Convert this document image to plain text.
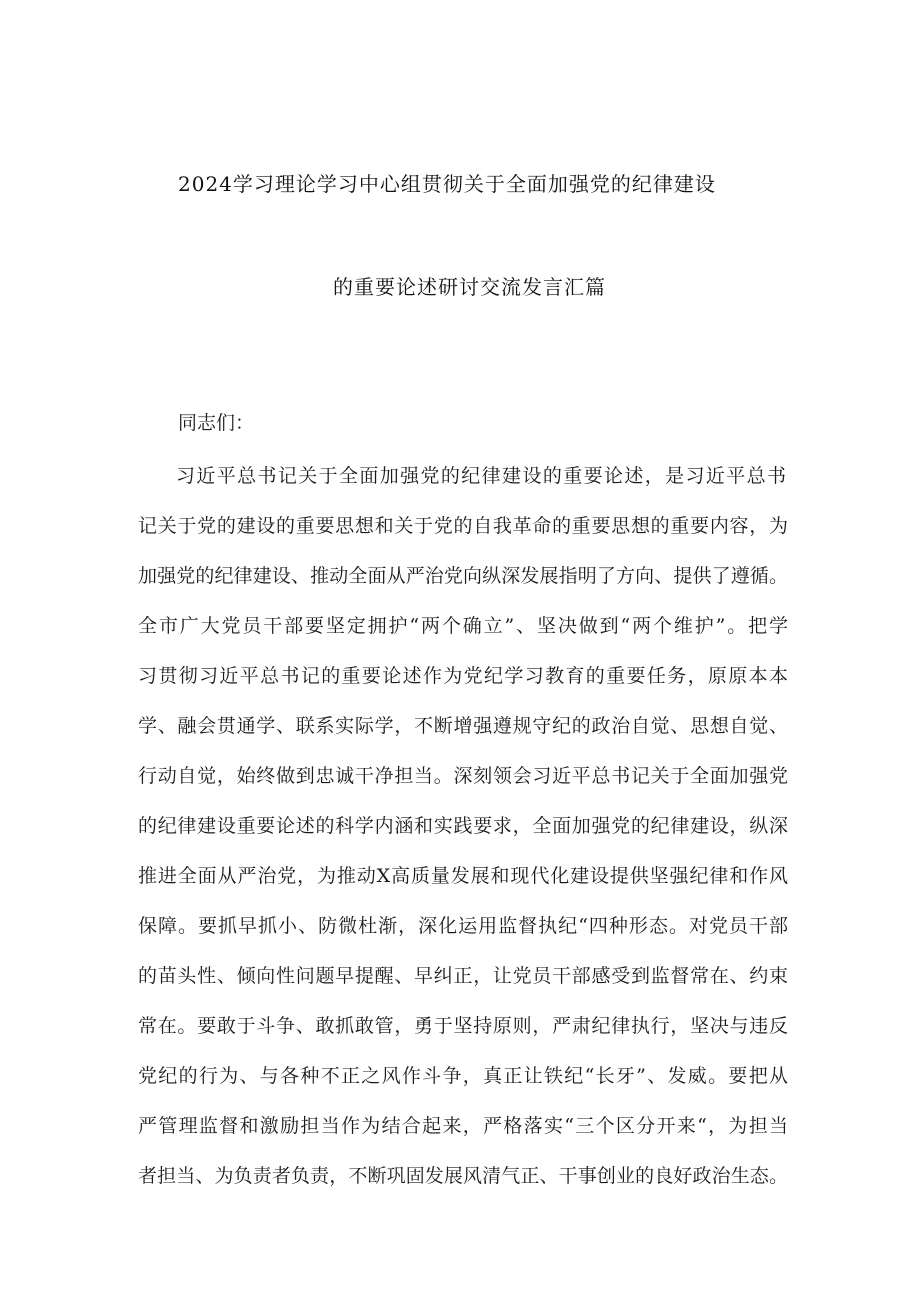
2024学习理论学习中心组贯彻关于全面加强党的纪律建设
的重要论述研讨交流发言汇篇
同志们：
习近平总书记关于全面加强党的纪律建设的重要论述，是习近平总书
记关于党的建设的重要思想和关于党的自我革命的重要思想的重要内容，为
加强党的纪律建设、推动全面从严治党向纵深发展指明了方向、提供了遵循。
全市广大党员干部要坚定拥护“两个确立”、坚决做到“两个维护”。把学
习贯彻习近平总书记的重要论述作为党纪学习教育的重要任务，原原本本
学、融会贯通学、联系实际学，不断增强遵规守纪的政治自觉、思想自觉、
行动自觉，始终做到忠诚干净担当。深刻领会习近平总书记关于全面加强党
的纪律建设重要论述的科学内涵和实践要求，全面加强党的纪律建设，纵深
推进全面从严治党，为推动X高质量发展和现代化建设提供坚强纪律和作风
保障。要抓早抓小、防微杜渐，深化运用监督执纪“四种形态。对党员干部
的苗头性、倾向性问题早提醒、早纠正，让党员干部感受到监督常在、约束
常在。要敢于斗争、敢抓敢管，勇于坚持原则，严肃纪律执行，坚决与违反
党纪的行为、与各种不正之风作斗争，真正让铁纪“长牙”、发威。要把从
严管理监督和激励担当作为结合起来，严格落实“三个区分开来“，为担当
者担当、为负责者负责，不断巩固发展风清气正、干事创业的良好政治生态。
